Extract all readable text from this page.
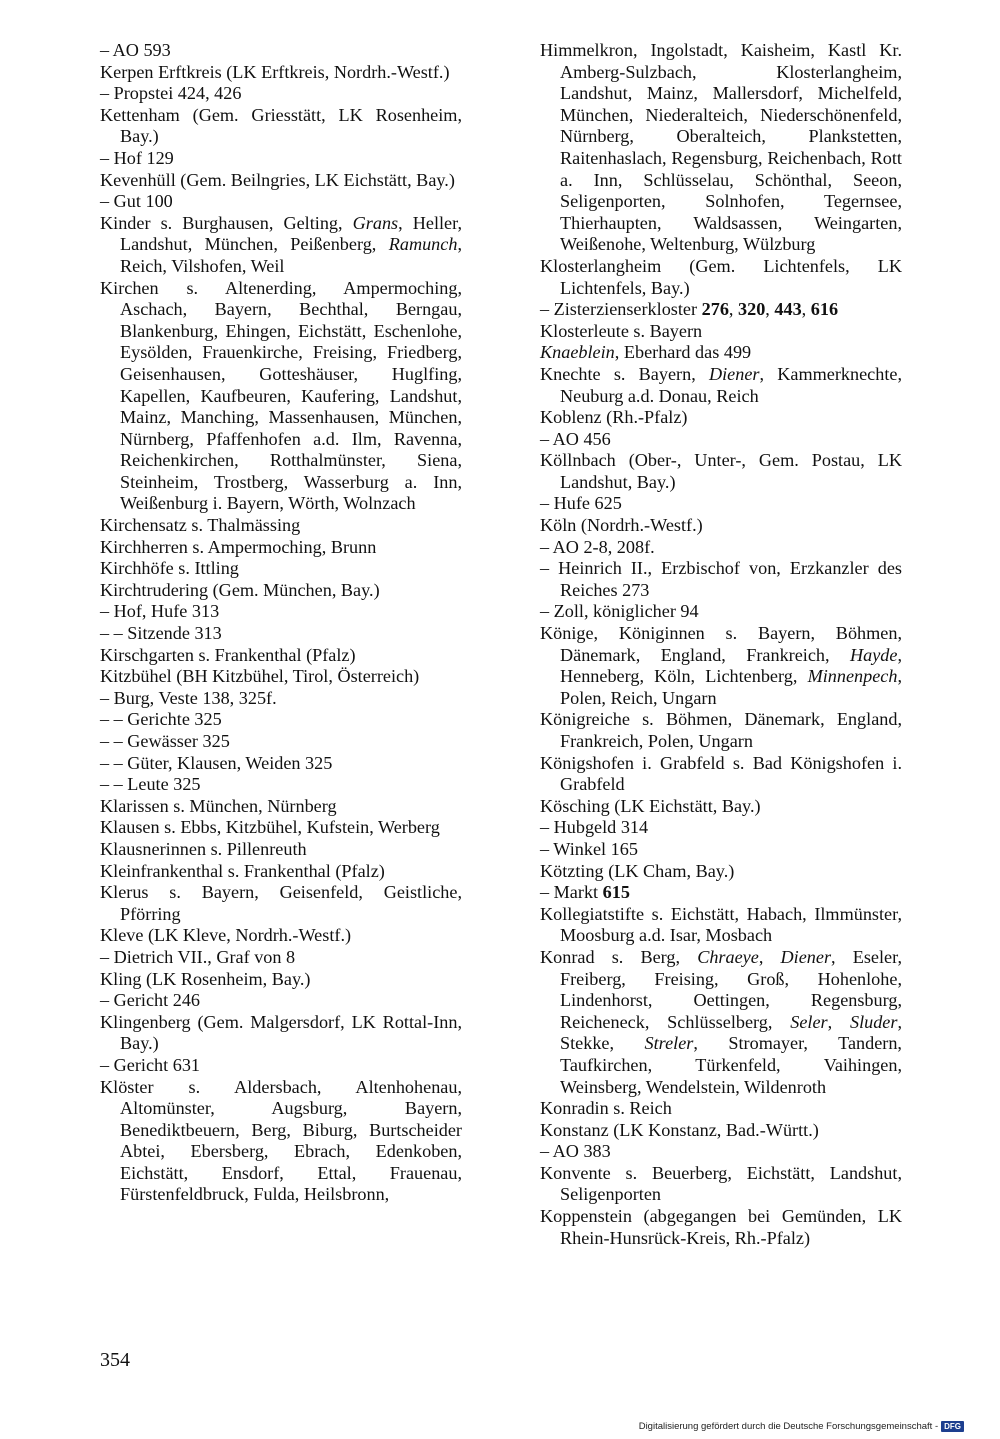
– AO 593
Kerpen Erftkreis (LK Erftkreis, Nordrh.-Westf.)
– Propstei 424, 426
Kettenham (Gem. Griesstätt, LK Rosenheim, Bay.)
– Hof 129
Kevenhüll (Gem. Beilngries, LK Eichstätt, Bay.)
– Gut 100
Kinder s. Burghausen, Gelting, Grans, Heller, Landshut, München, Peißenberg, Ramunch, Reich, Vilshofen, Weil
Kirchen s. Altenerding, Ampermoching, Aschach, Bayern, Bechthal, Berngau, Blankenburg, Ehingen, Eichstätt, Eschenlohe, Eysölden, Frauenkirche, Freising, Friedberg, Geisenhausen, Gotteshäuser, Huglfing, Kapellen, Kaufbeuren, Kaufering, Landshut, Mainz, Manching, Massenhausen, München, Nürnberg, Pfaffenhofen a.d. Ilm, Ravenna, Reichenkirchen, Rotthalmünster, Siena, Steinheim, Trostberg, Wasserburg a. Inn, Weißenburg i. Bayern, Wörth, Wolnzach
Kirchensatz s. Thalmässing
Kirchherren s. Ampermoching, Brunn
Kirchhöfe s. Ittling
Kirchtrudering (Gem. München, Bay.)
– Hof, Hufe 313
– – Sitzende 313
Kirschgarten s. Frankenthal (Pfalz)
Kitzbühel (BH Kitzbühel, Tirol, Österreich)
– Burg, Veste 138, 325f.
– – Gerichte 325
– – Gewässer 325
– – Güter, Klausen, Weiden 325
– – Leute 325
Klarissen s. München, Nürnberg
Klausen s. Ebbs, Kitzbühel, Kufstein, Werberg
Klausnerinnen s. Pillenreuth
Kleinfrankenthal s. Frankenthal (Pfalz)
Klerus s. Bayern, Geisenfeld, Geistliche, Pförring
Kleve (LK Kleve, Nordrh.-Westf.)
– Dietrich VII., Graf von 8
Kling (LK Rosenheim, Bay.)
– Gericht 246
Klingenberg (Gem. Malgersdorf, LK Rottal-Inn, Bay.)
– Gericht 631
Klöster s. Aldersbach, Altenhohenau, Altomünster, Augsburg, Bayern, Benediktbeuern, Berg, Biburg, Burtscheider Abtei, Ebersberg, Ebrach, Edenkoben, Eichstätt, Ensdorf, Ettal, Frauenau, Fürstenfeldbruck, Fulda, Heilsbronn,
Himmelkron, Ingolstadt, Kaisheim, Kastl Kr. Amberg-Sulzbach, Klosterlangheim, Landshut, Mainz, Mallersdorf, Michelfeld, München, Niederalteich, Niederschönenfeld, Nürnberg, Oberalteich, Plankstetten, Raitenhaslach, Regensburg, Reichenbach, Rott a. Inn, Schlüsselau, Schönthal, Seeon, Seligenporten, Solnhofen, Tegernsee, Thierhaupten, Waldsassen, Weingarten, Weißenohe, Weltenburg, Wülzburg
Klosterlangheim (Gem. Lichtenfels, LK Lichtenfels, Bay.)
– Zisterzienserkloster 276, 320, 443, 616
Klosterleute s. Bayern
Knaeblein, Eberhard das 499
Knechte s. Bayern, Diener, Kammerknechte, Neuburg a.d. Donau, Reich
Koblenz (Rh.-Pfalz)
– AO 456
Köllnbach (Ober-, Unter-, Gem. Postau, LK Landshut, Bay.)
– Hufe 625
Köln (Nordrh.-Westf.)
– AO 2-8, 208f.
– Heinrich II., Erzbischof von, Erzkanzler des Reiches 273
– Zoll, königlicher 94
Könige, Königinnen s. Bayern, Böhmen, Dänemark, England, Frankreich, Hayde, Henneberg, Köln, Lichtenberg, Minnenpech, Polen, Reich, Ungarn
Königreiche s. Böhmen, Dänemark, England, Frankreich, Polen, Ungarn
Königshofen i. Grabfeld s. Bad Königshofen i. Grabfeld
Kösching (LK Eichstätt, Bay.)
– Hubgeld 314
– Winkel 165
Kötzting (LK Cham, Bay.)
– Markt 615
Kollegiatstifte s. Eichstätt, Habach, Ilmmünster, Moosburg a.d. Isar, Mosbach
Konrad s. Berg, Chraeye, Diener, Eseler, Freiberg, Freising, Groß, Hohenlohe, Lindenhorst, Oettingen, Regensburg, Reicheneck, Schlüsselberg, Seler, Sluder, Stekke, Streler, Stromayer, Tandern, Taufkirchen, Türkenfeld, Vaihingen, Weinsberg, Wendelstein, Wildenroth
Konradin s. Reich
Konstanz (LK Konstanz, Bad.-Württ.)
– AO 383
Konvente s. Beuerberg, Eichstätt, Landshut, Seligenporten
Koppenstein (abgegangen bei Gemünden, LK Rhein-Hunsrück-Kreis, Rh.-Pfalz)
354
Digitalisierung gefördert durch die Deutsche Forschungsgemeinschaft - DFG
